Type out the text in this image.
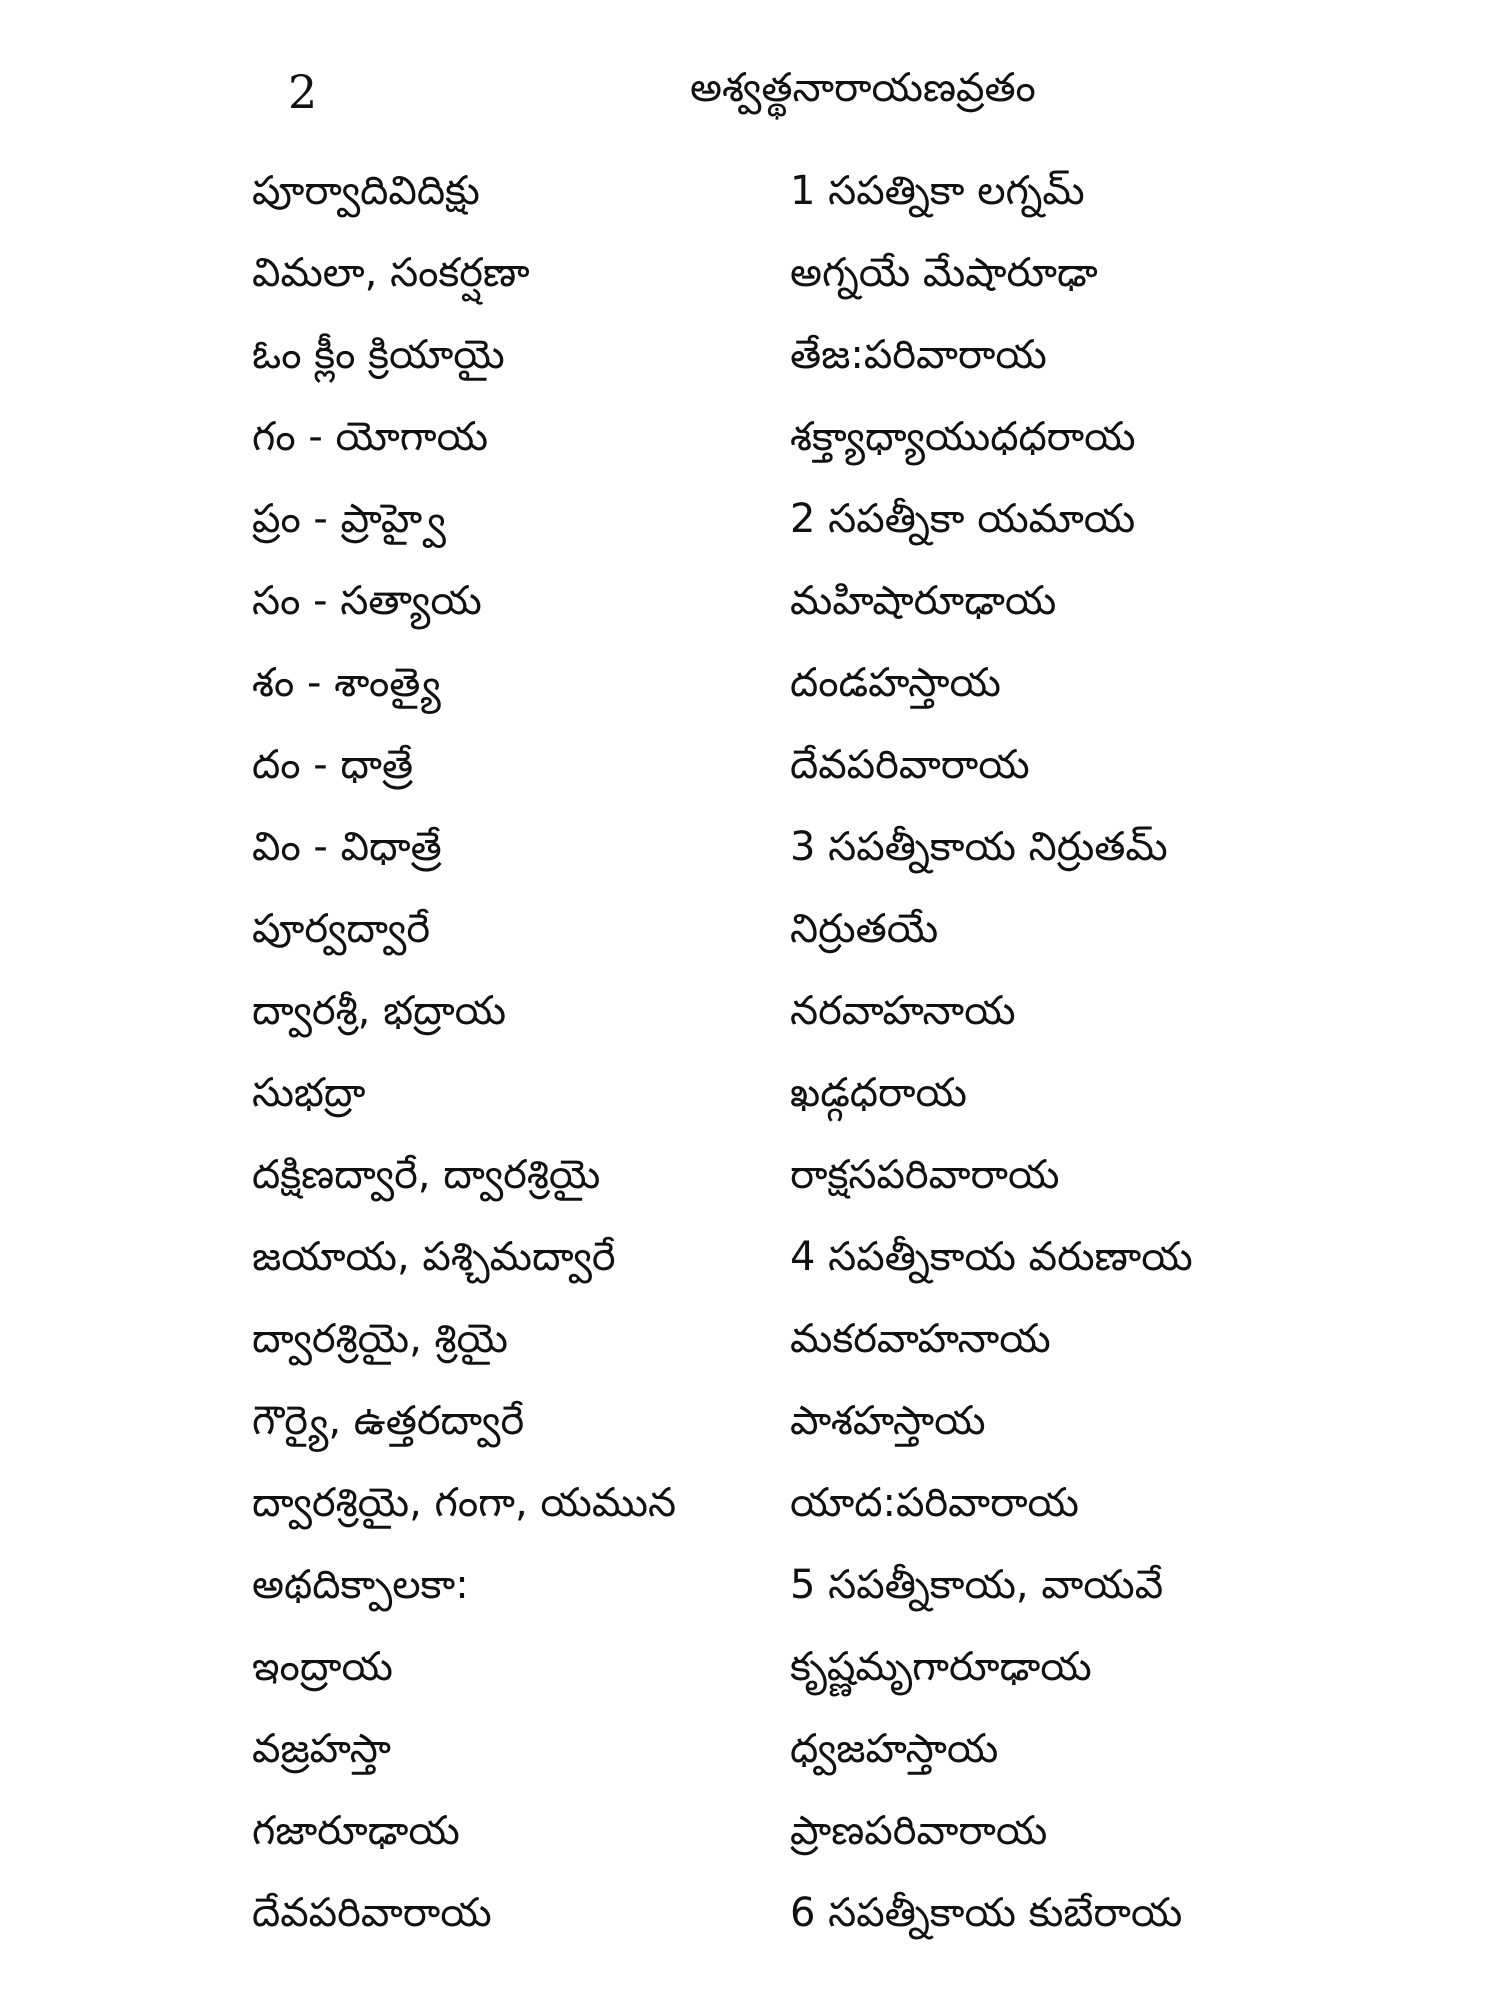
2	అశ్వత్థనారాయణవ్రతం
పూర్వాదివిదిక్షు
విమలా, సంకర్షణా
ఓం క్లీం క్రియాయై
గం - యోగాయ
ప్రం - ప్రాహ్వై
సం - సత్యాయ
శం - శాంత్యై
దం - ధాత్రే
విం - విధాత్రే
పూర్వద్వారే
ద్వారశ్రీ, భద్రాయ
సుభద్రా
దక్షిణద్వారే, ద్వారశ్రియై
జయాయ, పశ్చిమద్వారే
ద్వారశ్రియై, శ్రియై
గౌర్యై, ఉత్తరద్వారే
ద్వారశ్రియై, గంగా, యమున
అథదిక్పాలకా:
ఇంద్రాయ
వజ్రహస్తా
గజారూఢాయ
దేవపరివారాయ
1 సపత్నికా లగ్నమ్
అగ్నయే మేషారూఢా
తేజ:పరివారాయ
శక్త్యాధ్యాయుధధరాయ
2 సపత్నీకా యమాయ
మహిషారూఢాయ
దండహస్తాయ
దేవపరివారాయ
3 సపత్నీకాయ నిర్రుతమ్
నిర్రుతయే
నరవాహనాయ
ఖడ్గధరాయ
రాక్షసపరివారాయ
4 సపత్నీకాయ వరుణాయ
మకరవాహనాయ
పాశహస్తాయ
యాద:పరివారాయ
5 సపత్నీకాయ, వాయవే
కృష్ణమృగారూఢాయ
ధ్వజహస్తాయ
ప్రాణపరివారాయ
6 సపత్నీకాయ కుబేరాయ
